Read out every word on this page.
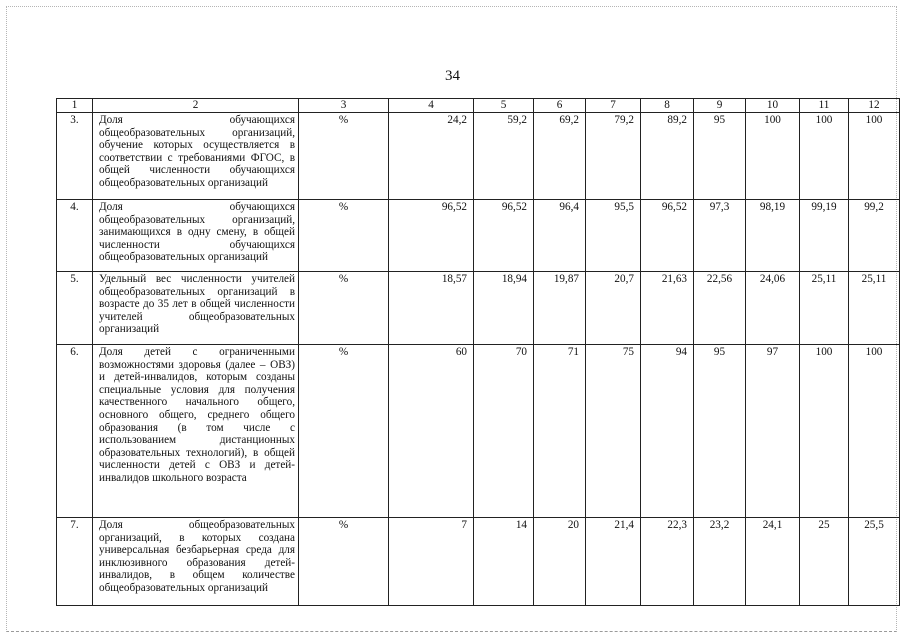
34
1	2	3	4	5	6	7	8	9	10	11	12
3.	Доля обучающихся общеобразовательных организаций, обучение которых осуществляется в соответствии с требованиями ФГОС, в общей численности обучающихся общеобразовательных организаций	%	24,2	59,2	69,2	79,2	89,2	95	100	100	100
4.	Доля обучающихся общеобразовательных организаций, занимающихся в одну смену, в общей численности обучающихся общеобразовательных организаций	%	96,52	96,52	96,4	95,5	96,52	97,3	98,19	99,19	99,2
5.	Удельный вес численности учителей общеобразовательных организаций в возрасте до 35 лет в общей численности учителей общеобразовательных организаций	%	18,57	18,94	19,87	20,7	21,63	22,56	24,06	25,11	25,11
6.	Доля детей с ограниченными возможностями здоровья (далее – ОВЗ) и детей-инвалидов, которым созданы специальные условия для получения качественного начального общего, основного общего, среднего общего образования (в том числе с использованием дистанционных образовательных технологий), в общей численности детей с ОВЗ и детей-инвалидов школьного возраста	%	60	70	71	75	94	95	97	100	100
7.	Доля общеобразовательных организаций, в которых создана универсальная безбарьерная среда для инклюзивного образования детей-инвалидов, в общем количестве общеобразовательных организаций	%	7	14	20	21,4	22,3	23,2	24,1	25	25,5
